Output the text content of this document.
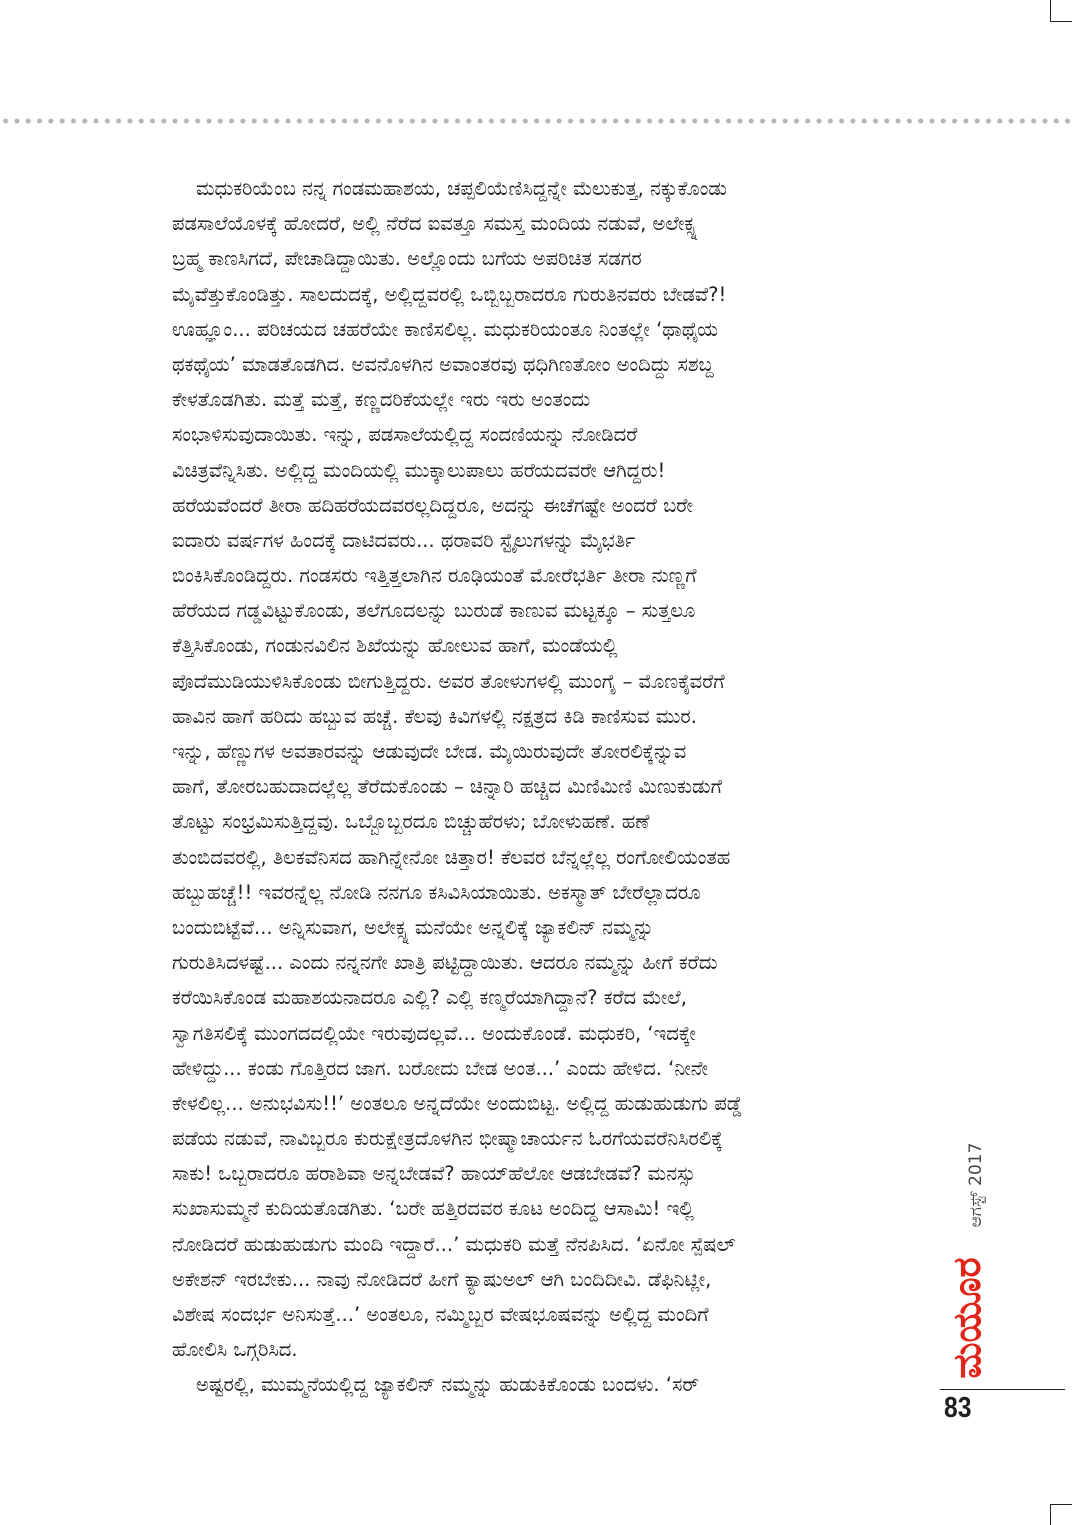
ಮಧುಕರಿಯೆಂಬ ನನ್ನ ಗಂಡಮಹಾಶಯ, ಚಪ್ಪಲಿಯೆಣಿಸಿದ್ದನ್ನೇ ಮೆಲುಕುತ್ತ, ನಕ್ಕುಕೊಂಡು
ಪಡಸಾಲೆಯೊಳಕ್ಕೆ ಹೋದರೆ, ಅಲ್ಲಿ ನೆರೆದ ಐವತ್ತೂ ಸಮಸ್ತ ಮಂದಿಯ ನಡುವೆ, ಅಲೇಕ್ಸ್ನ
ಬ್ರಹ್ಮ ಕಾಣಸಿಗದೆ, ಪೇಚಾಡಿದ್ದಾಯಿತು. ಅಲ್ಲೊಂದು ಬಗೆಯ ಅಪರಿಚಿತ ಸಡಗರ
ಮೈವೆತ್ತುಕೊಂಡಿತ್ತು. ಸಾಲದುದಕ್ಕೆ, ಅಲ್ಲಿದ್ದವರಲ್ಲಿ ಒಬ್ಬಿಬ್ಬರಾದರೂ ಗುರುತಿನವರು ಬೇಡವೆ?!
ಊಹ್ಞೂಂ... ಪರಿಚಯದ ಚಹರೆಯೇ ಕಾಣಿಸಲಿಲ್ಲ. ಮಧುಕರಿಯಂತೂ ನಿಂತಲ್ಲೇ ‘ಥಾಥೈಯ
ಥಕಥೈಯ’ ಮಾಡತೊಡಗಿದ. ಅವನೊಳಗಿನ ಅವಾಂತರವು ಥಧಿಗಿಣತೋಂ ಅಂದಿದ್ದು ಸಶಬ್ದ
ಕೇಳತೊಡಗಿತು. ಮತ್ತೆ ಮತ್ತೆ, ಕಣ್ಣದರಿಕೆಯಲ್ಲೇ ಇರು ಇರು ಅಂತಂದು
ಸಂಭಾಳಿಸುವುದಾಯಿತು. ಇನ್ನು, ಪಡಸಾಲೆಯಲ್ಲಿದ್ದ ಸಂದಣಿಯನ್ನು ನೋಡಿದರೆ
ವಿಚಿತ್ರವೆನ್ನಿಸಿತು. ಅಲ್ಲಿದ್ದ ಮಂದಿಯಲ್ಲಿ ಮುಕ್ಕಾಲುಪಾಲು ಹರೆಯದವರೇ ಆಗಿದ್ದರು!
ಹರೆಯವೆಂದರೆ ತೀರಾ ಹದಿಹರೆಯದವರಲ್ಲದಿದ್ದರೂ, ಅದನ್ನು ಈಚೆಗಷ್ಟೇ ಅಂದರೆ ಬರೇ
ಐದಾರು ವರ್ಷಗಳ ಹಿಂದಕ್ಕೆ ದಾಟಿದವರು... ಥರಾವರಿ ಸ್ಟೈಲುಗಳನ್ನು ಮೈಭರ್ತಿ
ಬಿಂಕಿಸಿಕೊಂಡಿದ್ದರು. ಗಂಡಸರು ಇತ್ತಿತ್ತಲಾಗಿನ ರೂಢಿಯಂತೆ ಮೋರೆಭರ್ತಿ ತೀರಾ ನುಣ್ಣಗೆ
ಹೆರೆಯದ ಗಡ್ಡವಿಟ್ಟುಕೊಂಡು, ತಲೆಗೂದಲನ್ನು ಬುರುಡೆ ಕಾಣುವ ಮಟ್ಟಕ್ಕೂ – ಸುತ್ತಲೂ
ಕೆತ್ತಿಸಿಕೊಂಡು, ಗಂಡುನವಿಲಿನ ಶಿಖೆಯನ್ನು ಹೋಲುವ ಹಾಗೆ, ಮಂಡೆಯಲ್ಲಿ
ಪೊದೆಮುಡಿಯುಳಿಸಿಕೊಂಡು ಬೀಗುತ್ತಿದ್ದರು. ಅವರ ತೋಳುಗಳಲ್ಲಿ ಮುಂಗೈ – ಮೊಣಕೈವರೆಗೆ
ಹಾವಿನ ಹಾಗೆ ಹರಿದು ಹಬ್ಬುವ ಹಚ್ಚೆ. ಕೆಲವು ಕಿವಿಗಳಲ್ಲಿ ನಕ್ಷತ್ರದ ಕಿಡಿ ಕಾಣಿಸುವ ಮುರ.
ಇನ್ನು, ಹೆಣ್ಣುಗಳ ಅವತಾರವನ್ನು ಆಡುವುದೇ ಬೇಡ. ಮೈಯಿರುವುದೇ ತೋರಲಿಕ್ಕೆನ್ನುವ
ಹಾಗೆ, ತೋರಬಹುದಾದಲ್ಲೆಲ್ಲ ತೆರೆದುಕೊಂಡು – ಚಿನ್ನಾರಿ ಹಚ್ಚಿದ ಮಿಣಿಮಿಣಿ ಮಿಣುಕುಡುಗೆ
ತೊಟ್ಟು ಸಂಭ್ರಮಿಸುತ್ತಿದ್ದವು. ಒಬ್ಬೊಬ್ಬರದೂ ಬಿಚ್ಚುಹೆರಳು; ಬೋಳುಹಣೆ. ಹಣೆ
ತುಂಬಿದವರಲ್ಲಿ, ತಿಲಕವೆನಿಸದ ಹಾಗಿನ್ನೇನೋ ಚಿತ್ತಾರ! ಕೆಲವರ ಬೆನ್ನಲ್ಲೆಲ್ಲ ರಂಗೋಲಿಯಂತಹ
ಹಬ್ಬುಹಚ್ಚೆ!! ಇವರನ್ನೆಲ್ಲ ನೋಡಿ ನನಗೂ ಕಸಿವಿಸಿಯಾಯಿತು. ಅಕಸ್ಮಾತ್ ಬೇರೆಲ್ಲಾದರೂ
ಬಂದುಬಿಟ್ಟೆವೆ... ಅನ್ನಿಸುವಾಗ, ಅಲೇಕ್ಸ್ನ ಮನೆಯೇ ಅನ್ನಲಿಕ್ಕೆ ಜ್ಯಾಕಲಿನ್ ನಮ್ಮನ್ನು
ಗುರುತಿಸಿದಳಷ್ಟೆ... ಎಂದು ನನ್ನನಗೇ ಖಾತ್ರಿ ಪಟ್ಟಿದ್ದಾಯಿತು. ಆದರೂ ನಮ್ಮನ್ನು ಹೀಗೆ ಕರೆದು
ಕರೆಯಿಸಿಕೊಂಡ ಮಹಾಶಯನಾದರೂ ಎಲ್ಲಿ? ಎಲ್ಲಿ ಕಣ್ಮರೆಯಾಗಿದ್ದಾನೆ? ಕರೆದ ಮೇಲೆ,
ಸ್ವಾಗತಿಸಲಿಕ್ಕೆ ಮುಂಗದದಲ್ಲಿಯೇ ಇರುವುದಲ್ಲವೆ... ಅಂದುಕೊಂಡೆ. ಮಧುಕರಿ, ‘ಇದಕ್ಕೇ
ಹೇಳಿದ್ದು... ಕಂಡು ಗೊತ್ತಿರದ ಜಾಗ. ಬರೋದು ಬೇಡ ಅಂತ...’ ಎಂದು ಹೇಳಿದ. ‘ನೀನೇ
ಕೇಳಲಿಲ್ಲ... ಅನುಭವಿಸು!!’ ಅಂತಲೂ ಅನ್ನದೆಯೇ ಅಂದುಬಿಟ್ಟ. ಅಲ್ಲಿದ್ದ ಹುಡುಹುಡುಗು ಪಡ್ಡೆ
ಪಡೆಯ ನಡುವೆ, ನಾವಿಬ್ಬರೂ ಕುರುಕ್ಷೇತ್ರದೊಳಗಿನ ಭೀಷ್ಮಾಚಾರ್ಯನ ಓರಗೆಯವರೆನಿಸಿರಲಿಕ್ಕೆ
ಸಾಕು! ಒಬ್ಬರಾದರೂ ಹರಾಶಿವಾ ಅನ್ನಬೇಡವೆ? ಹಾಯ್‌ಹೆಲೋ ಆಡಬೇಡವೆ? ಮನಸ್ಸು
ಸುಖಾಸುಮ್ಮನೆ ಕುದಿಯತೊಡಗಿತು. ‘ಬರೇ ಹತ್ತಿರದವರ ಕೂಟ ಅಂದಿದ್ದ ಆಸಾಮಿ! ಇಲ್ಲಿ
ನೋಡಿದರೆ ಹುಡುಹುಡುಗು ಮಂದಿ ಇದ್ದಾರೆ...’ ಮಧುಕರಿ ಮತ್ತೆ ನೆನಪಿಸಿದ. ‘ಏನೋ ಸ್ಪೆಷಲ್
ಅಕೇಶನ್ ಇರಬೇಕು... ನಾವು ನೋಡಿದರೆ ಹೀಗೆ ಕ್ಯಾಷುಅಲ್ ಆಗಿ ಬಂದಿದೀವಿ. ಡೆಫಿನಿಟ್ಲೀ,
ವಿಶೇಷ ಸಂದರ್ಭ ಅನಿಸುತ್ತೆ...’ ಅಂತಲೂ, ನಮ್ಮಿಬ್ಬರ ವೇಷಭೂಷವನ್ನು ಅಲ್ಲಿದ್ದ ಮಂದಿಗೆ
ಹೋಲಿಸಿ ಒಗ್ಗರಿಸಿದ.
ಅಷ್ಟರಲ್ಲಿ, ಮುಮ್ಮನೆಯಲ್ಲಿದ್ದ ಜ್ಯಾಕಲಿನ್ ನಮ್ಮನ್ನು ಹುಡುಕಿಕೊಂಡು ಬಂದಳು. ‘ಸರ್
ಆಗಸ್ಟ್ 2017
ಮಯೂರ
83
